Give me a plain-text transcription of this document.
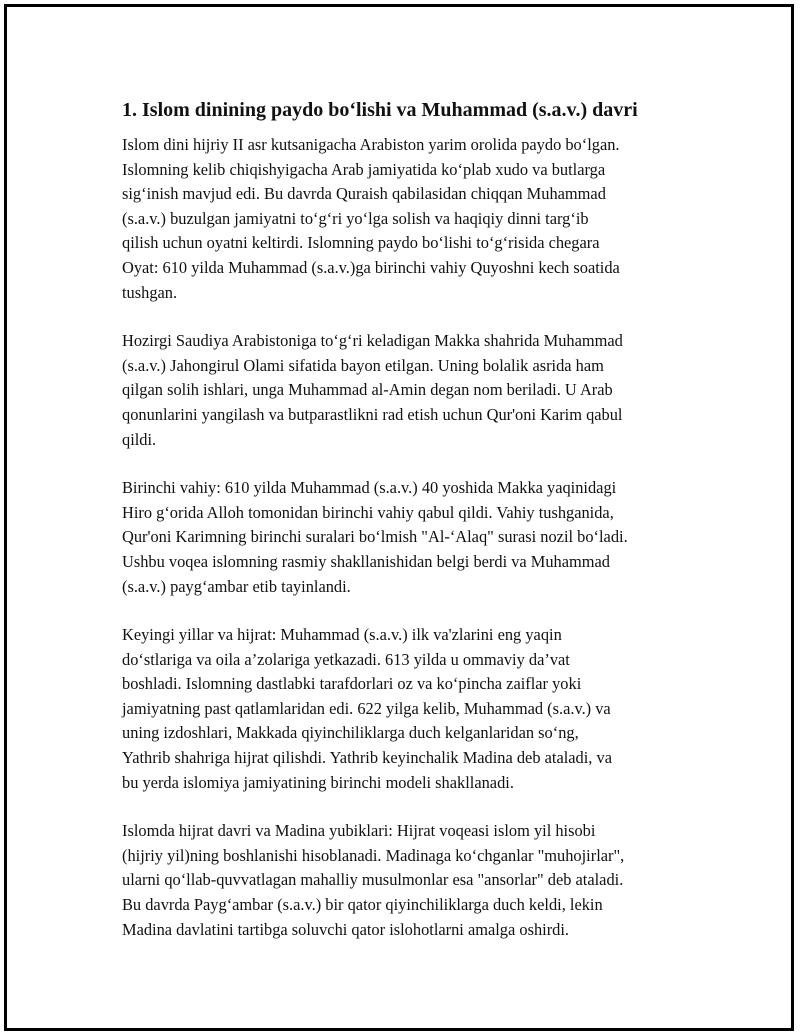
1. Islom dinining paydo bo‘lishi va Muhammad (s.a.v.) davri

Islom dini hijriy II asr kutsanigacha Arabiston yarim orolida paydo bo‘lgan.
Islomning kelib chiqishyigacha Arab jamiyatida ko‘plab xudo va butlarga
sig‘inish mavjud edi. Bu davrda Quraish qabilasidan chiqqan Muhammad
(s.a.v.) buzulgan jamiyatni to‘g‘ri yo‘lga solish va haqiqiy dinni targ‘ib
qilish uchun oyatni keltirdi. Islomning paydo bo‘lishi to‘g‘risida chegara
Oyat: 610 yilda Muhammad (s.a.v.)ga birinchi vahiy Quyoshni kech soatida
tushgan.

Hozirgi Saudiya Arabistoniga to‘g‘ri keladigan Makka shahrida Muhammad
(s.a.v.) Jahongirul Olami sifatida bayon etilgan. Uning bolalik asrida ham
qilgan solih ishlari, unga Muhammad al-Amin degan nom beriladi. U Arab
qonunlarini yangilash va butparastlikni rad etish uchun Qur'oni Karim qabul
qildi.

Birinchi vahiy: 610 yilda Muhammad (s.a.v.) 40 yoshida Makka yaqinidagi
Hiro g‘orida Alloh tomonidan birinchi vahiy qabul qildi. Vahiy tushganida,
Qur'oni Karimning birinchi suralari bo‘lmish "Al-‘Alaq" surasi nozil bo‘ladi.
Ushbu voqea islomning rasmiy shakllanishidan belgi berdi va Muhammad
(s.a.v.) payg‘ambar etib tayinlandi.

Keyingi yillar va hijrat: Muhammad (s.a.v.) ilk va'zlarini eng yaqin
do‘stlariga va oila a’zolariga yetkazadi. 613 yilda u ommaviy da’vat
boshladi. Islomning dastlabki tarafdorlari oz va ko‘pincha zaiflar yoki
jamiyatning past qatlamlaridan edi. 622 yilga kelib, Muhammad (s.a.v.) va
uning izdoshlari, Makkada qiyinchiliklarga duch kelganlaridan so‘ng,
Yathrib shahriga hijrat qilishdi. Yathrib keyinchalik Madina deb ataladi, va
bu yerda islomiya jamiyatining birinchi modeli shakllanadi.

Islomda hijrat davri va Madina yubiklari: Hijrat voqeasi islom yil hisobi
(hijriy yil)ning boshlanishi hisoblanadi. Madinaga ko‘chganlar "muhojirlar",
ularni qo‘llab-quvvatlagan mahalliy musulmonlar esa "ansorlar" deb ataladi.
Bu davrda Payg‘ambar (s.a.v.) bir qator qiyinchiliklarga duch keldi, lekin
Madina davlatini tartibga soluvchi qator islohotlarni amalga oshirdi.
